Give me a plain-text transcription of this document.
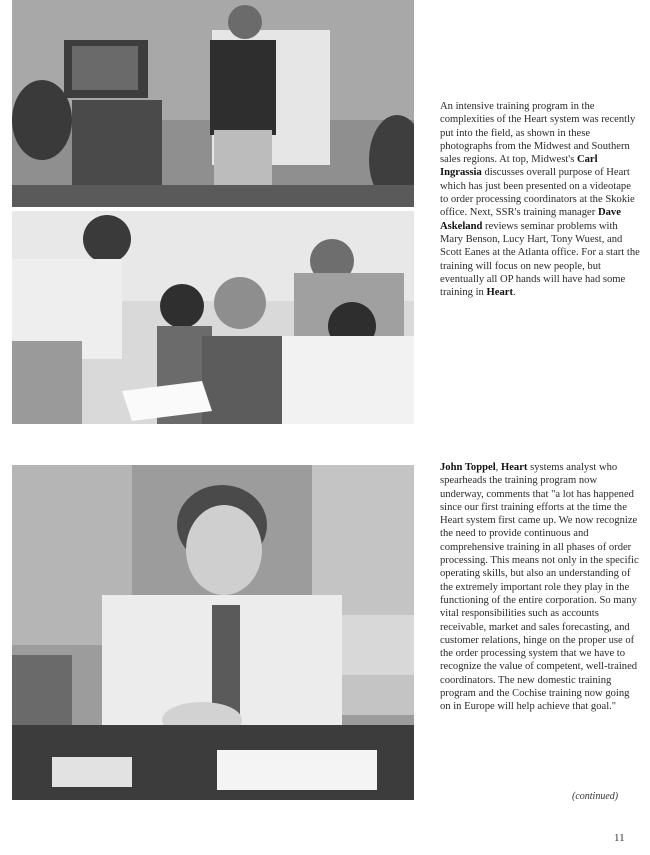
An intensive training program in the complexities of the Heart system was recently put into the field, as shown in these photographs from the Midwest and Southern sales regions. At top, Midwest's Carl Ingrassia discusses overall purpose of Heart which has just been presented on a videotape to order processing coordinators at the Skokie office. Next, SSR's training manager Dave Askeland reviews seminar problems with Mary Benson, Lucy Hart, Tony Wuest, and Scott Eanes at the Atlanta office. For a start the training will focus on new people, but eventually all OP hands will have had some training in Heart.
John Toppel, Heart systems analyst who spearheads the training program now underway, comments that "a lot has happened since our first training efforts at the time the Heart system first came up. We now recognize the need to provide continuous and comprehensive training in all phases of order processing. This means not only in the specific operating skills, but also an understanding of the extremely important role they play in the functioning of the entire corporation. So many vital responsibilities such as accounts receivable, market and sales forecasting, and customer relations, hinge on the proper use of the order processing system that we have to recognize the value of competent, well-trained coordinators. The new domestic training program and the Cochise training now going on in Europe will help achieve that goal."
(continued)
11
